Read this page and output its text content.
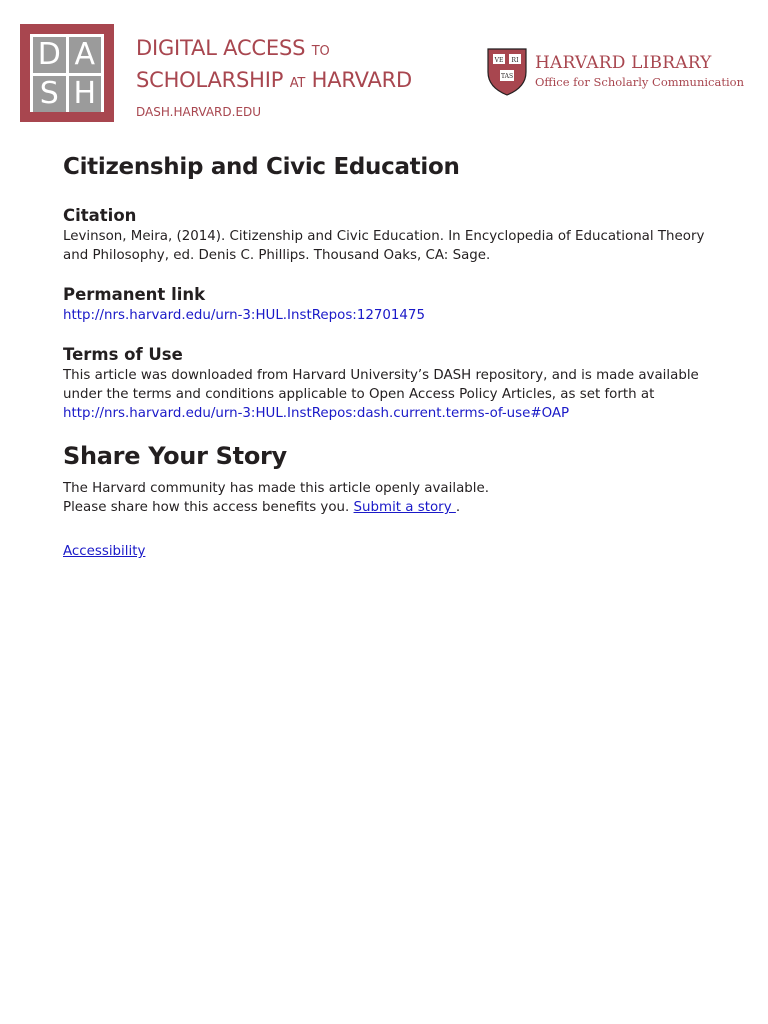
D A
S H
DIGITAL ACCESS TO
SCHOLARSHIP AT HARVARD
DASH.HARVARD.EDU
VE RI
TAS
HARVARD LIBRARY
Office for Scholarly Communication
Citizenship and Civic Education
Citation
Levinson, Meira, (2014). Citizenship and Civic Education. In Encyclopedia of Educational Theory and Philosophy, ed. Denis C. Phillips. Thousand Oaks, CA: Sage.
Permanent link
http://nrs.harvard.edu/urn-3:HUL.InstRepos:12701475
Terms of Use
This article was downloaded from Harvard University’s DASH repository, and is made available under the terms and conditions applicable to Open Access Policy Articles, as set forth at http://nrs.harvard.edu/urn-3:HUL.InstRepos:dash.current.terms-of-use#OAP
Share Your Story
The Harvard community has made this article openly available.
Please share how this access benefits you. Submit a story .
Accessibility
